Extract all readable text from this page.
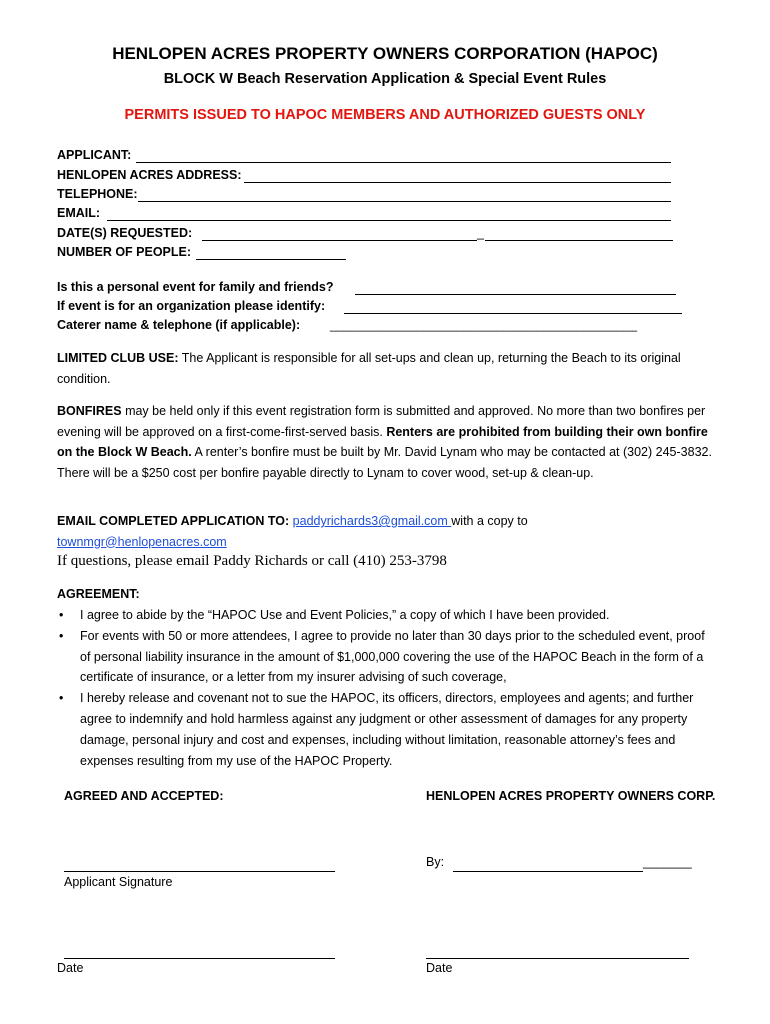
HENLOPEN ACRES PROPERTY OWNERS CORPORATION (HAPOC)
BLOCK W Beach Reservation Application & Special Event Rules
PERMITS ISSUED TO HAPOC MEMBERS AND AUTHORIZED GUESTS ONLY
APPLICANT:
HENLOPEN ACRES ADDRESS:
TELEPHONE:
EMAIL:
DATE(S) REQUESTED:	_
NUMBER OF PEOPLE:
Is this a personal event for family and friends?
If event is for an organization please identify:
Caterer name & telephone (if applicable): ______________________________________________
LIMITED CLUB USE: The Applicant is responsible for all set-ups and clean up, returning the Beach to its original condition.
BONFIRES may be held only if this event registration form is submitted and approved. No more than two bonfires per evening will be approved on a first-come-first-served basis. Renters are prohibited from building their own bonfire on the Block W Beach. A renter’s bonfire must be built by Mr. David Lynam who may be contacted at (302) 245-3832. There will be a $250 cost per bonfire payable directly to Lynam to cover wood, set-up & clean-up.
EMAIL COMPLETED APPLICATION TO: paddyrichards3@gmail.com with a copy to
townmgr@henlopenacres.com
If questions, please email Paddy Richards or call (410) 253-3798
AGREEMENT:
• I agree to abide by the “HAPOC Use and Event Policies,” a copy of which I have been provided.
• For events with 50 or more attendees, I agree to provide no later than 30 days prior to the scheduled event, proof of personal liability insurance in the amount of $1,000,000 covering the use of the HAPOC Beach in the form of a certificate of insurance, or a letter from my insurer advising of such coverage,
• I hereby release and covenant not to sue the HAPOC, its officers, directors, employees and agents; and further agree to indemnify and hold harmless against any judgment or other assessment of damages for any property damage, personal injury and cost and expenses, including without limitation, reasonable attorney’s fees and expenses resulting from my use of the HAPOC Property.
AGREED AND ACCEPTED:	HENLOPEN ACRES PROPERTY OWNERS CORP.
Applicant Signature
By:	_______
Date	Date
